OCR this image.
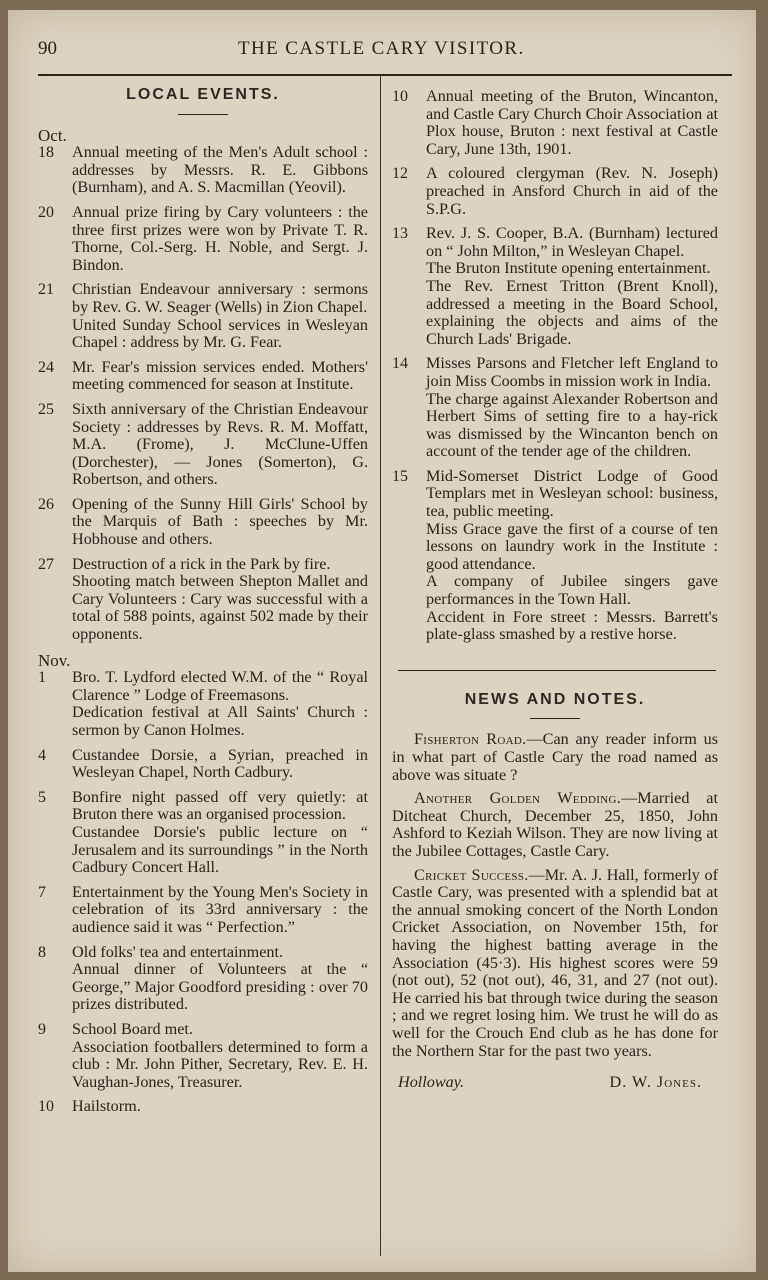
90	THE CASTLE CARY VISITOR.
LOCAL EVENTS.
Oct.
18 Annual meeting of the Men's Adult school : addresses by Messrs. R. E. Gibbons (Burnham), and A. S. Macmillan (Yeovil).

20 Annual prize firing by Cary volunteers : the three first prizes were won by Private T. R. Thorne, Col.-Serg. H. Noble, and Sergt. J. Bindon.

21 Christian Endeavour anniversary : sermons by Rev. G. W. Seager (Wells) in Zion Chapel.

United Sunday School services in Wesleyan Chapel : address by Mr. G. Fear.

24 Mr. Fear's mission services ended. Mothers' meeting commenced for season at Institute.

25 Sixth anniversary of the Christian Endeavour Society : addresses by Revs. R. M. Moffatt, M.A. (Frome), J. McClune-Uffen (Dorchester), — Jones (Somerton), G. Robertson, and others.

26 Opening of the Sunny Hill Girls' School by the Marquis of Bath : speeches by Mr. Hobhouse and others.

27 Destruction of a rick in the Park by fire.

Shooting match between Shepton Mallet and Cary Volunteers : Cary was successful with a total of 588 points, against 502 made by their opponents.

Nov.
1 Bro. T. Lydford elected W.M. of the “ Royal Clarence ” Lodge of Freemasons.

Dedication festival at All Saints' Church : sermon by Canon Holmes.

4 Custandee Dorsie, a Syrian, preached in Wesleyan Chapel, North Cadbury.

5 Bonfire night passed off very quietly: at Bruton there was an organised procession.

Custandee Dorsie's public lecture on “ Jerusalem and its surroundings ” in the North Cadbury Concert Hall.

7 Entertainment by the Young Men's Society in celebration of its 33rd anniversary : the audience said it was “ Perfection.”

8 Old folks' tea and entertainment.

Annual dinner of Volunteers at the “ George,” Major Goodford presiding : over 70 prizes distributed.

9 School Board met.

Association footballers determined to form a club : Mr. John Pither, Secretary, Rev. E. H. Vaughan-Jones, Treasurer.

10 Hailstorm.

10 Annual meeting of the Bruton, Wincanton, and Castle Cary Church Choir Association at Plox house, Bruton : next festival at Castle Cary, June 13th, 1901.

12 A coloured clergyman (Rev. N. Joseph) preached in Ansford Church in aid of the S.P.G.

13 Rev. J. S. Cooper, B.A. (Burnham) lectured on “ John Milton,” in Wesleyan Chapel.

The Bruton Institute opening entertainment.

The Rev. Ernest Tritton (Brent Knoll), addressed a meeting in the Board School, explaining the objects and aims of the Church Lads' Brigade.

14 Misses Parsons and Fletcher left England to join Miss Coombs in mission work in India.

The charge against Alexander Robertson and Herbert Sims of setting fire to a hay-rick was dismissed by the Wincanton bench on account of the tender age of the children.

15 Mid-Somerset District Lodge of Good Templars met in Wesleyan school: business, tea, public meeting.

Miss Grace gave the first of a course of ten lessons on laundry work in the Institute : good attendance.

A company of Jubilee singers gave performances in the Town Hall.

Accident in Fore street : Messrs. Barrett's plate-glass smashed by a restive horse.

NEWS AND NOTES.

Fisherton Road.—Can any reader inform us in what part of Castle Cary the road named as above was situate ?

Another Golden Wedding.—Married at Ditcheat Church, December 25, 1850, John Ashford to Keziah Wilson. They are now living at the Jubilee Cottages, Castle Cary.

Cricket Success.—Mr. A. J. Hall, formerly of Castle Cary, was presented with a splendid bat at the annual smoking concert of the North London Cricket Association, on November 15th, for having the highest batting average in the Association (45·3). His highest scores were 59 (not out), 52 (not out), 46, 31, and 27 (not out). He carried his bat through twice during the season ; and we regret losing him. We trust he will do as well for the Crouch End club as he has done for the Northern Star for the past two years.

Holloway.	D. W. Jones.
